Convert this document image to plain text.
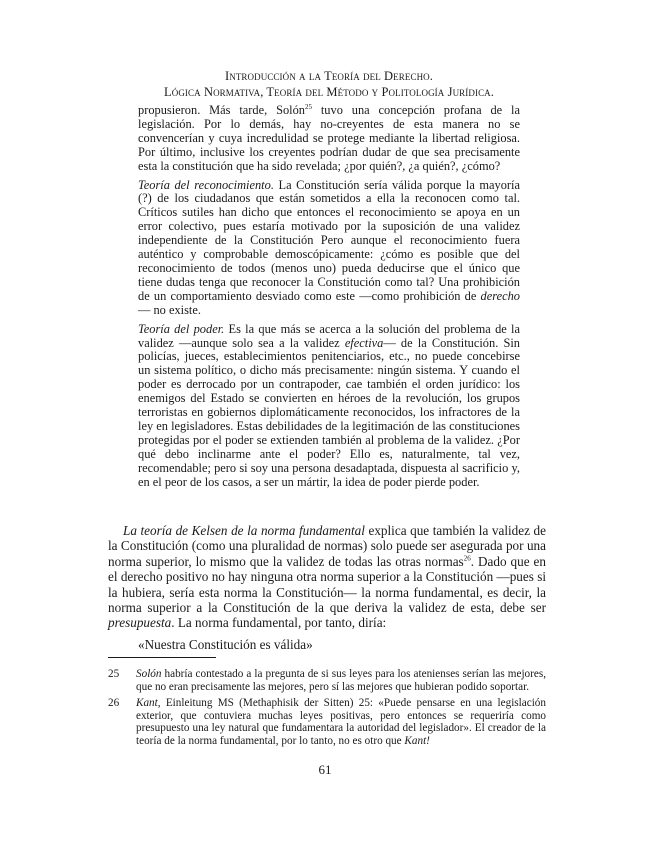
Introducción a la Teoría del Derecho.
Lógica Normativa, Teoría del Método y Politología Jurídica.

propusieron. Más tarde, Solón$^{25}$ tuvo una concepción profana de la legislación. Por lo demás, hay no-creyentes de esta manera no se convencerían y cuya incredulidad se protege mediante la libertad religiosa. Por último, inclusive los creyentes podrían dudar de que sea precisamente esta la constitución que ha sido revelada; ¿por quién?, ¿a quién?, ¿cómo?

Teoría del reconocimiento. La Constitución sería válida porque la mayoría (?) de los ciudadanos que están sometidos a ella la reconocen como tal. Críticos sutiles han dicho que entonces el reconocimiento se apoya en un error colectivo, pues estaría motivado por la suposición de una validez independiente de la Constitución Pero aunque el reconocimiento fuera auténtico y comprobable demoscópicamente: ¿cómo es posible que del reconocimiento de todos (menos uno) pueda deducirse que el único que tiene dudas tenga que reconocer la Constitución como tal? Una prohibición de un comportamiento desviado como este —como prohibición de derecho— no existe.

Teoría del poder. Es la que más se acerca a la solución del problema de la validez —aunque solo sea a la validez efectiva— de la Constitución. Sin policías, jueces, establecimientos penitenciarios, etc., no puede concebirse un sistema político, o dicho más precisamente: ningún sistema. Y cuando el poder es derrocado por un contrapoder, cae también el orden jurídico: los enemigos del Estado se convierten en héroes de la revolución, los grupos terroristas en gobiernos diplomáticamente reconocidos, los infractores de la ley en legisladores. Estas debilidades de la legitimación de las constituciones protegidas por el poder se extienden también al problema de la validez. ¿Por qué debo inclinarme ante el poder? Ello es, naturalmente, tal vez, recomendable; pero si soy una persona desadaptada, dispuesta al sacrificio y, en el peor de los casos, a ser un mártir, la idea de poder pierde poder.

La teoría de Kelsen de la norma fundamental explica que también la validez de la Constitución (como una pluralidad de normas) solo puede ser asegurada por una norma superior, lo mismo que la validez de todas las otras normas$^{26}$. Dado que en el derecho positivo no hay ninguna otra norma superior a la Constitución —pues si la hubiera, sería esta norma la Constitución— la norma fundamental, es decir, la norma superior a la Constitución de la que deriva la validez de esta, debe ser presupuesta. La norma fundamental, por tanto, diría:

«Nuestra Constitución es válida»
25	Solón habría contestado a la pregunta de si sus leyes para los atenienses serían las mejores, que no eran precisamente las mejores, pero sí las mejores que hubieran podido soportar.
26	Kant, Einleitung MS (Methaphisik der Sitten) 25: «Puede pensarse en una legislación exterior, que contuviera muchas leyes positivas, pero entonces se requeriría como presupuesto una ley natural que fundamentara la autoridad del legislador». El creador de la teoría de la norma fundamental, por lo tanto, no es otro que Kant!
61
